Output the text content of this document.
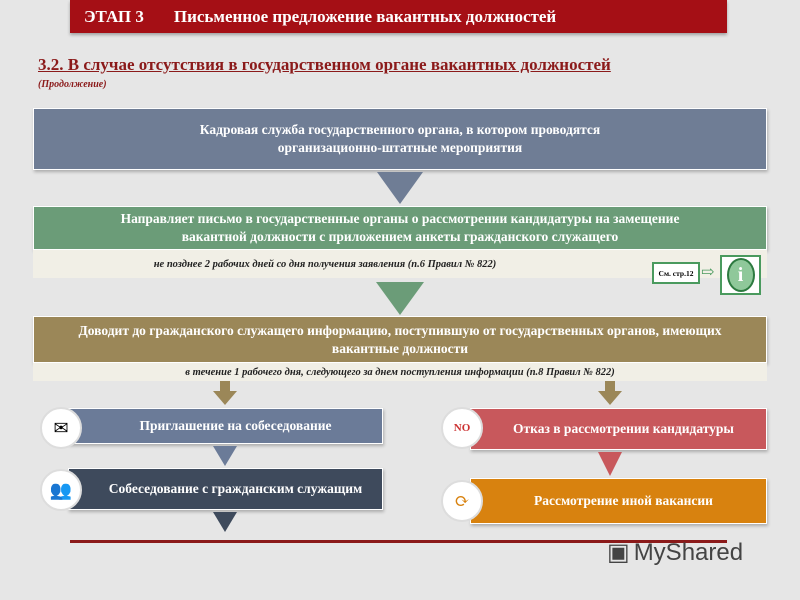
ЭТАП 3 Письменное предложение вакантных должностей
3.2. В случае отсутствия в государственном органе вакантных должностей
(Продолжение)
Кадровая служба государственного органа, в котором проводятся организационно-штатные мероприятия
Направляет письмо в государственные органы о рассмотрении кандидатуры на замещение вакантной должности с приложением анкеты гражданского служащего
не позднее 2 рабочих дней со дня получения заявления (п.6 Правил № 822)
См. стр.12 ⇨	i
Доводит до гражданского служащего информацию, поступившую от государственных органов, имеющих вакантные должности
в течение 1 рабочего дня, следующего за днем поступления информации (п.8 Правил № 822)
Приглашение на собеседование
✉
Собеседование с гражданским служащим
👥
Отказ в рассмотрении кандидатуры
NO
Рассмотрение иной вакансии
⟳
▣ MyShared
